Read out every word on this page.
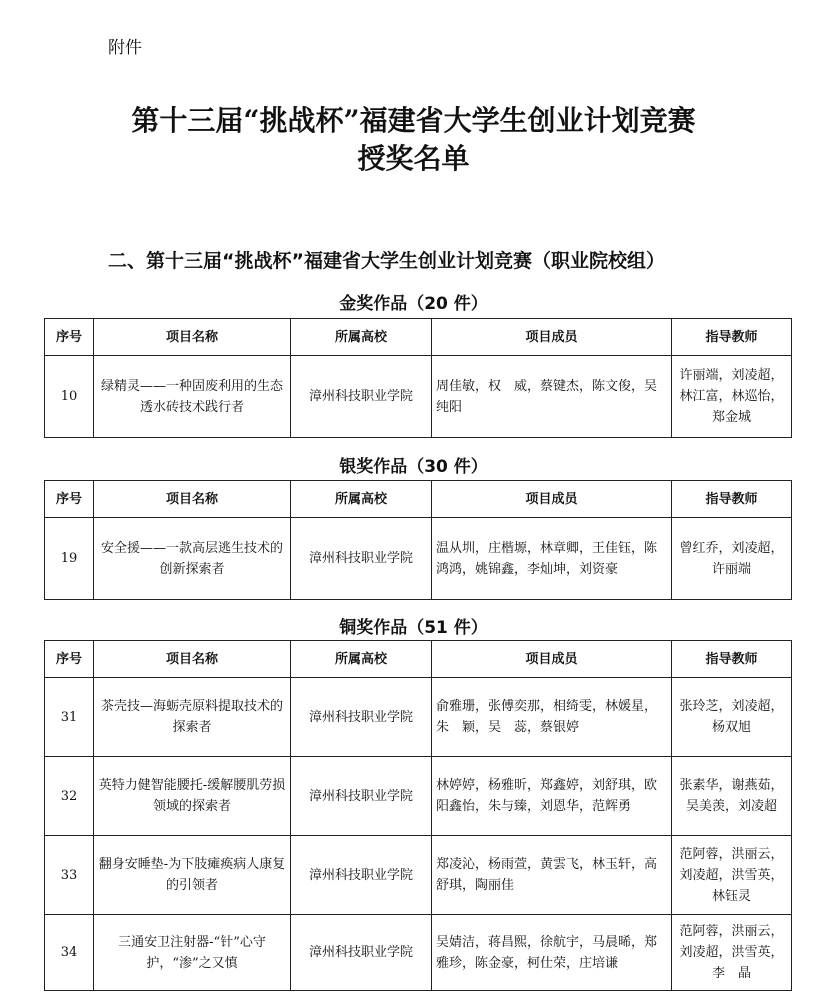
附件
第十三届“挑战杯”福建省大学生创业计划竞赛
授奖名单
二、第十三届“挑战杯”福建省大学生创业计划竞赛（职业院校组）
金奖作品（20 件）
序号	项目名称	所属高校	项目成员	指导教师
10	绿精灵——一种固废利用的生态透水砖技术践行者	漳州科技职业学院	周佳敏，权　威，蔡键杰，陈文俊，吴纯阳	许丽端，刘凌超，林江富，林巡怡，郑金城
银奖作品（30 件）
序号	项目名称	所属高校	项目成员	指导教师
19	安全援——一款高层逃生技术的创新探索者	漳州科技职业学院	温从圳，庄楷塬，林章卿，王佳钰，陈鸿鸿，姚锦鑫，李灿坤，刘资豪	曾红乔，刘凌超，许丽端
铜奖作品（51 件）
序号	项目名称	所属高校	项目成员	指导教师
31	茶壳技—海蛎壳原料提取技术的探索者	漳州科技职业学院	俞雅珊，张傅奕那，相绮雯，林媛星，朱　颖，吴　蕊，蔡银婷	张玲芝，刘凌超，杨双旭
32	英特力健智能腰托-缓解腰肌劳损领域的探索者	漳州科技职业学院	林婷婷，杨雅昕，郑鑫婷，刘舒琪，欧阳鑫怡，朱与臻，刘恩华，范辉勇	张素华，谢燕茹，吴美羡，刘凌超
33	翻身安睡垫-为下肢瘫痪病人康复的引领者	漳州科技职业学院	郑凌沁，杨雨萱，黄雲飞，林玉轩，高舒琪，陶丽佳	范阿蓉，洪丽云，刘凌超，洪雪英，林钰灵
34	三通安卫注射器-“针”心守护，“渗”之又慎	漳州科技职业学院	吴婧洁，蒋昌熙，徐航宇，马晨晞，郑雅珍，陈金豪，柯仕荣，庄培谦	范阿蓉，洪丽云，刘凌超，洪雪英，李　晶
